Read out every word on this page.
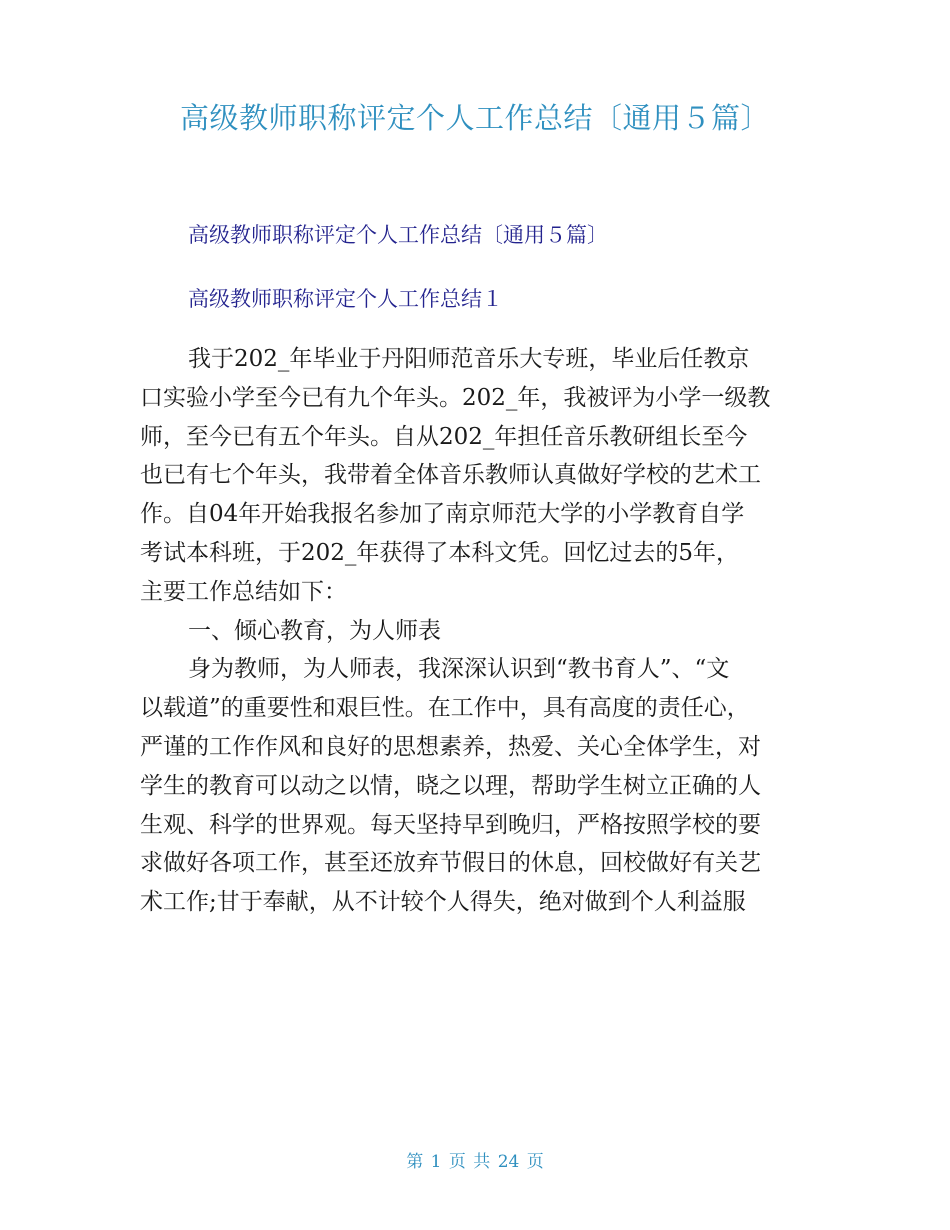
高级教师职称评定个人工作总结〔通用５篇〕
高级教师职称评定个人工作总结〔通用５篇〕
高级教师职称评定个人工作总结１
我于202_年毕业于丹阳师范音乐大专班，毕业后任教京
口实验小学至今已有九个年头。202_年，我被评为小学一级教
师，至今已有五个年头。自从202_年担任音乐教研组长至今
也已有七个年头，我带着全体音乐教师认真做好学校的艺术工
作。自04年开始我报名参加了南京师范大学的小学教育自学
考试本科班，于202_年获得了本科文凭。回忆过去的5年，
主要工作总结如下：
一、倾心教育，为人师表
身为教师，为人师表，我深深认识到“教书育人”、“文
以载道”的重要性和艰巨性。在工作中，具有高度的责任心，
严谨的工作作风和良好的思想素养，热爱、关心全体学生，对
学生的教育可以动之以情，晓之以理，帮助学生树立正确的人
生观、科学的世界观。每天坚持早到晚归，严格按照学校的要
求做好各项工作，甚至还放弃节假日的休息，回校做好有关艺
术工作;甘于奉献，从不计较个人得失，绝对做到个人利益服
第 1 页 共 24 页
